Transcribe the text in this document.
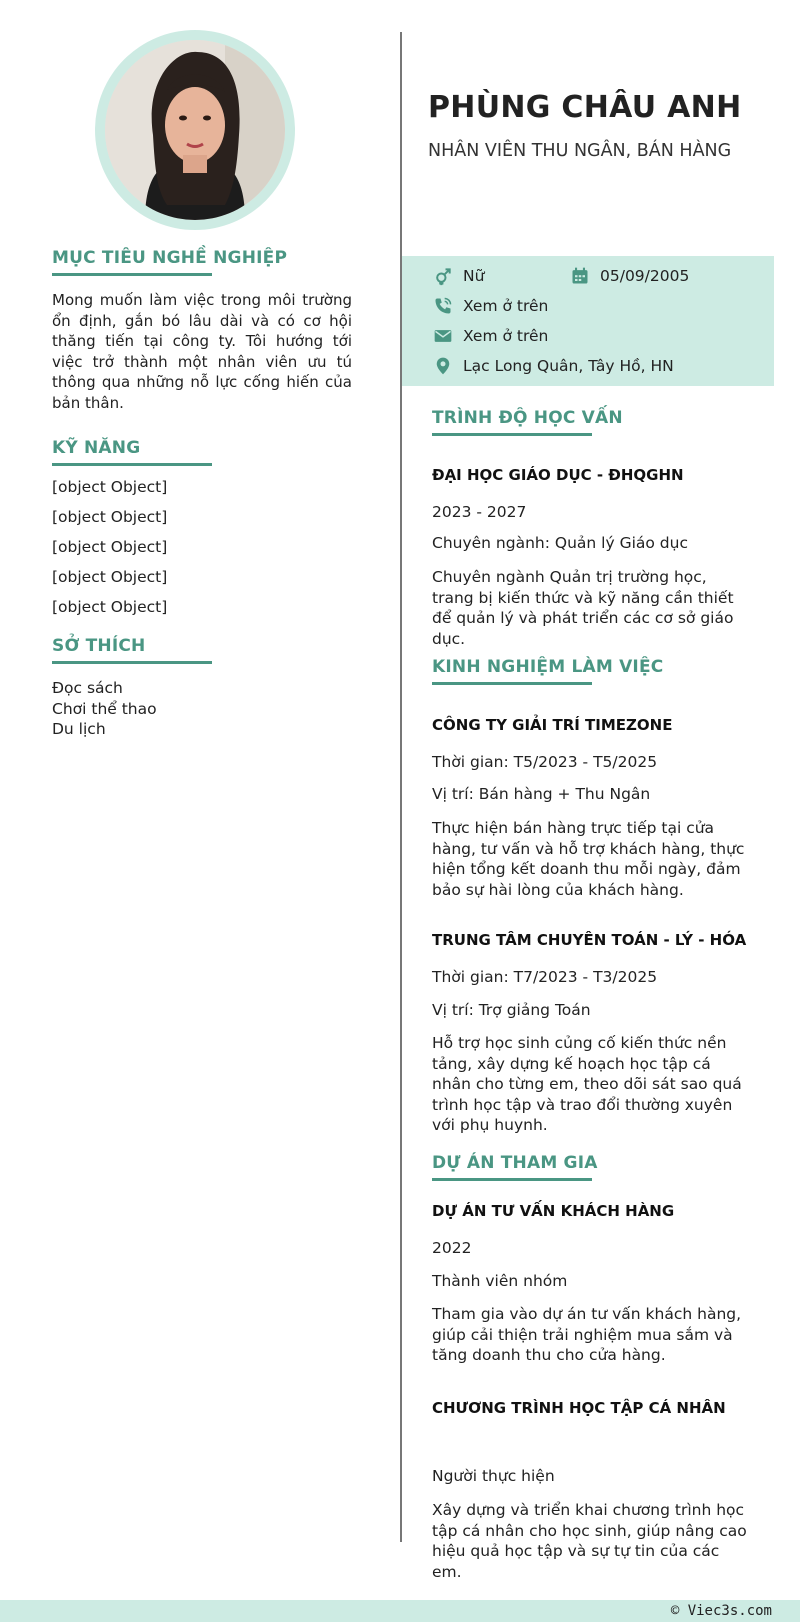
MỤC TIÊU NGHỀ NGHIỆP
Mong muốn làm việc trong môi trường ổn định, gắn bó lâu dài và có cơ hội thăng tiến tại công ty. Tôi hướng tới việc trở thành một nhân viên ưu tú thông qua những nỗ lực cống hiến của bản thân.
KỸ NĂNG
[object Object]
[object Object]
[object Object]
[object Object]
[object Object]
SỞ THÍCH
Đọc sách
Chơi thể thao
Du lịch
PHÙNG CHÂU ANH
NHÂN VIÊN THU NGÂN, BÁN HÀNG
Nữ	05/09/2005
Xem ở trên
Xem ở trên
Lạc Long Quân, Tây Hồ, HN
TRÌNH ĐỘ HỌC VẤN
ĐẠI HỌC GIÁO DỤC - ĐHQGHN
2023 - 2027
Chuyên ngành: Quản lý Giáo dục
Chuyên ngành Quản trị trường học, trang bị kiến thức và kỹ năng cần thiết để quản lý và phát triển các cơ sở giáo dục.
KINH NGHIỆM LÀM VIỆC
CÔNG TY GIẢI TRÍ TIMEZONE
Thời gian: T5/2023 - T5/2025
Vị trí: Bán hàng + Thu Ngân
Thực hiện bán hàng trực tiếp tại cửa hàng, tư vấn và hỗ trợ khách hàng, thực hiện tổng kết doanh thu mỗi ngày, đảm bảo sự hài lòng của khách hàng.
TRUNG TÂM CHUYÊN TOÁN - LÝ - HÓA
Thời gian: T7/2023 - T3/2025
Vị trí: Trợ giảng Toán
Hỗ trợ học sinh củng cố kiến thức nền tảng, xây dựng kế hoạch học tập cá nhân cho từng em, theo dõi sát sao quá trình học tập và trao đổi thường xuyên với phụ huynh.
DỰ ÁN THAM GIA
DỰ ÁN TƯ VẤN KHÁCH HÀNG
2022
Thành viên nhóm
Tham gia vào dự án tư vấn khách hàng, giúp cải thiện trải nghiệm mua sắm và tăng doanh thu cho cửa hàng.
CHƯƠNG TRÌNH HỌC TẬP CÁ NHÂN
Người thực hiện
Xây dựng và triển khai chương trình học tập cá nhân cho học sinh, giúp nâng cao hiệu quả học tập và sự tự tin của các em.
© Viec3s.com
